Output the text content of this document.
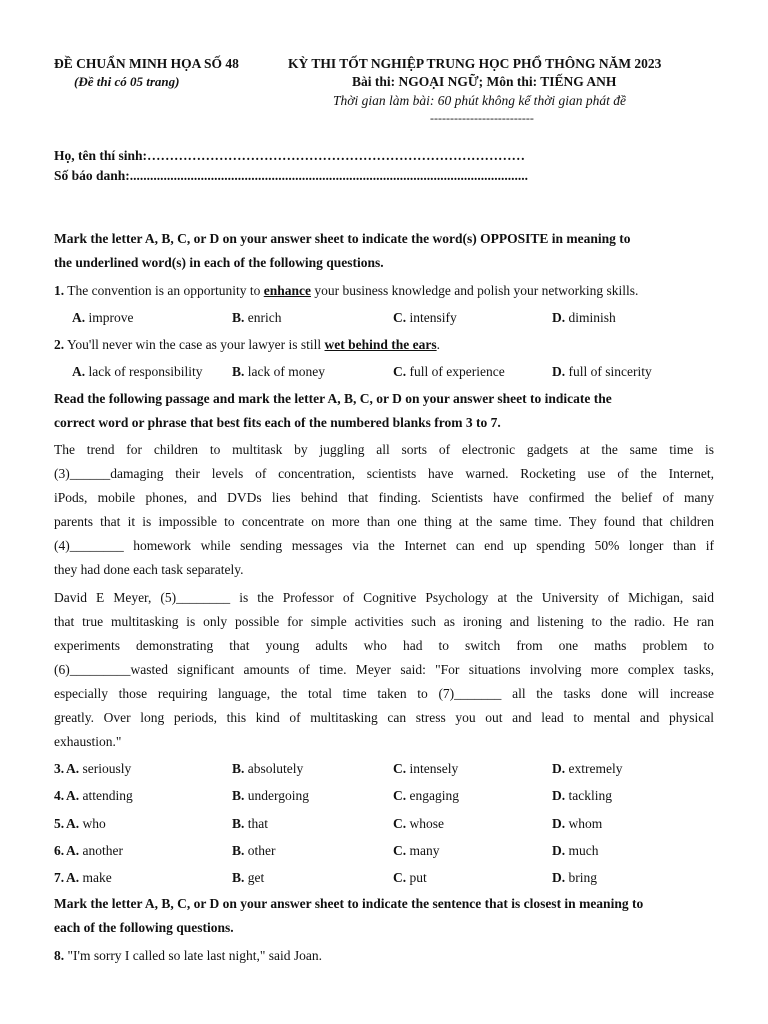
ĐỀ CHUẨN MINH HỌA SỐ 48
(Đề thi có 05 trang)
KỲ THI TỐT NGHIỆP TRUNG HỌC PHỔ THÔNG NĂM 2023
Bài thi: NGOẠI NGỮ; Môn thi: TIẾNG ANH
Thời gian làm bài: 60 phút không kể thời gian phát đề
--------------------------
Họ, tên thí sinh:…………………………………………………………………………
Số báo danh:......................................................................................................................
Mark the letter A, B, C, or D on your answer sheet to indicate the word(s) OPPOSITE in meaning to
the underlined word(s) in each of the following questions.
1. The convention is an opportunity to enhance your business knowledge and polish your networking skills.
A. improve	B. enrich	C. intensify	D. diminish
2. You'll never win the case as your lawyer is still wet behind the ears.
A. lack of responsibility B. lack of money	C. full of experience	D. full of sincerity
Read the following passage and mark the letter A, B, C, or D on your answer sheet to indicate the
correct word or phrase that best fits each of the numbered blanks from 3 to 7.
The trend for children to multitask by juggling all sorts of electronic gadgets at the same time is
(3)______damaging their levels of concentration, scientists have warned. Rocketing use of the Internet,
iPods, mobile phones, and DVDs lies behind that finding. Scientists have confirmed the belief of many
parents that it is impossible to concentrate on more than one thing at the same time. They found that children
(4)________ homework while sending messages via the Internet can end up spending 50% longer than if
they had done each task separately.
David E Meyer, (5)________ is the Professor of Cognitive Psychology at the University of Michigan, said
that true multitasking is only possible for simple activities such as ironing and listening to the radio. He ran
experiments demonstrating that young adults who had to switch from one maths problem to
(6)_________wasted significant amounts of time. Meyer said: "For situations involving more complex tasks,
especially those requiring language, the total time taken to (7)_______ all the tasks done will increase
greatly. Over long periods, this kind of multitasking can stress you out and lead to mental and physical
exhaustion."
3. A. seriously	B. absolutely	C. intensely	D. extremely
4. A. attending	B. undergoing	C. engaging	D. tackling
5. A. who	B. that	C. whose	D. whom
6. A. another	B. other	C. many	D. much
7. A. make	B. get	C. put	D. bring
Mark the letter A, B, C, or D on your answer sheet to indicate the sentence that is closest in meaning to
each of the following questions.
8. "I'm sorry I called so late last night," said Joan.
